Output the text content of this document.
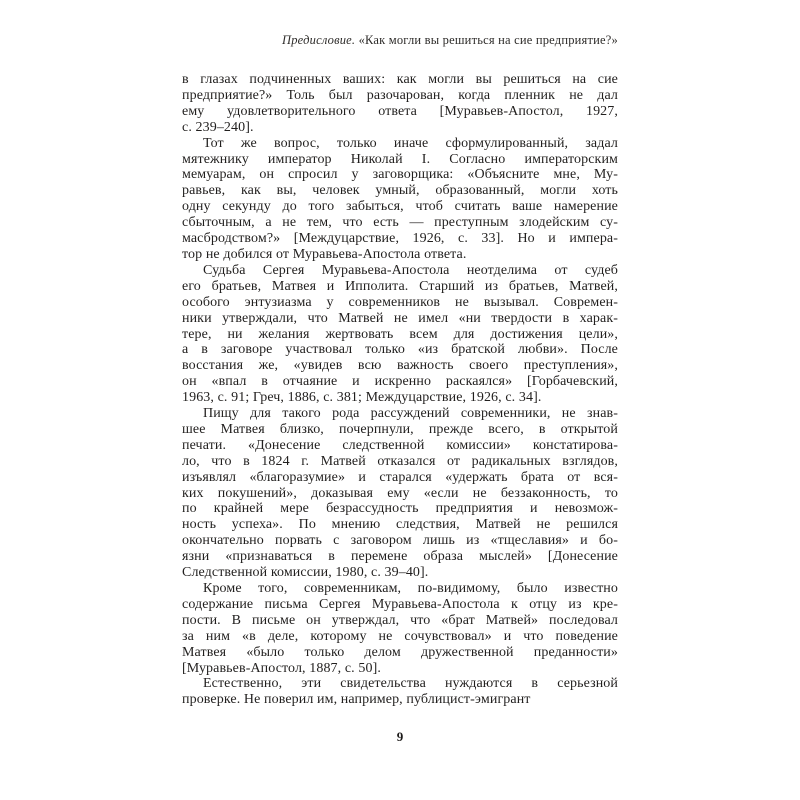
Предисловие. «Как могли вы решиться на сие предприятие?»
в глазах подчиненных ваших: как могли вы решиться на сие
предприятие?» Толь был разочарован, когда пленник не дал
ему удовлетворительного ответа [Муравьев-Апостол, 1927,
с. 239–240].
Тот же вопрос, только иначе сформулированный, задал
мятежнику император Николай I. Согласно императорским
мемуарам, он спросил у заговорщика: «Объясните мне, Му-
равьев, как вы, человек умный, образованный, могли хоть
одну секунду до того забыться, чтоб считать ваше намерение
сбыточным, а не тем, что есть — преступным злодейским су-
масбродством?» [Междуцарствие, 1926, с. 33]. Но и импера-
тор не добился от Муравьева-Апостола ответа.
Судьба Сергея Муравьева-Апостола неотделима от судеб
его братьев, Матвея и Ипполита. Старший из братьев, Матвей,
особого энтузиазма у современников не вызывал. Современ-
ники утверждали, что Матвей не имел «ни твердости в харак-
тере, ни желания жертвовать всем для достижения цели»,
а в заговоре участвовал только «из братской любви». После
восстания же, «увидев всю важность своего преступления»,
он «впал в отчаяние и искренно раскаялся» [Горбачевский,
1963, с. 91; Греч, 1886, с. 381; Междуцарствие, 1926, с. 34].
Пищу для такого рода рассуждений современники, не знав-
шее Матвея близко, почерпнули, прежде всего, в открытой
печати. «Донесение следственной комиссии» констатирова-
ло, что в 1824 г. Матвей отказался от радикальных взглядов,
изъявлял «благоразумие» и старался «удержать брата от вся-
ких покушений», доказывая ему «если не беззаконность, то
по крайней мере безрассудность предприятия и невозмож-
ность успеха». По мнению следствия, Матвей не решился
окончательно порвать с заговором лишь из «тщеславия» и бо-
язни «признаваться в перемене образа мыслей» [Донесение
Следственной комиссии, 1980, с. 39–40].
Кроме того, современникам, по-видимому, было известно
содержание письма Сергея Муравьева-Апостола к отцу из кре-
пости. В письме он утверждал, что «брат Матвей» последовал
за ним «в деле, которому не сочувствовал» и что поведение
Матвея «было только делом дружественной преданности»
[Муравьев-Апостол, 1887, с. 50].
Естественно, эти свидетельства нуждаются в серьезной
проверке. Не поверил им, например, публицист-эмигрант
9
